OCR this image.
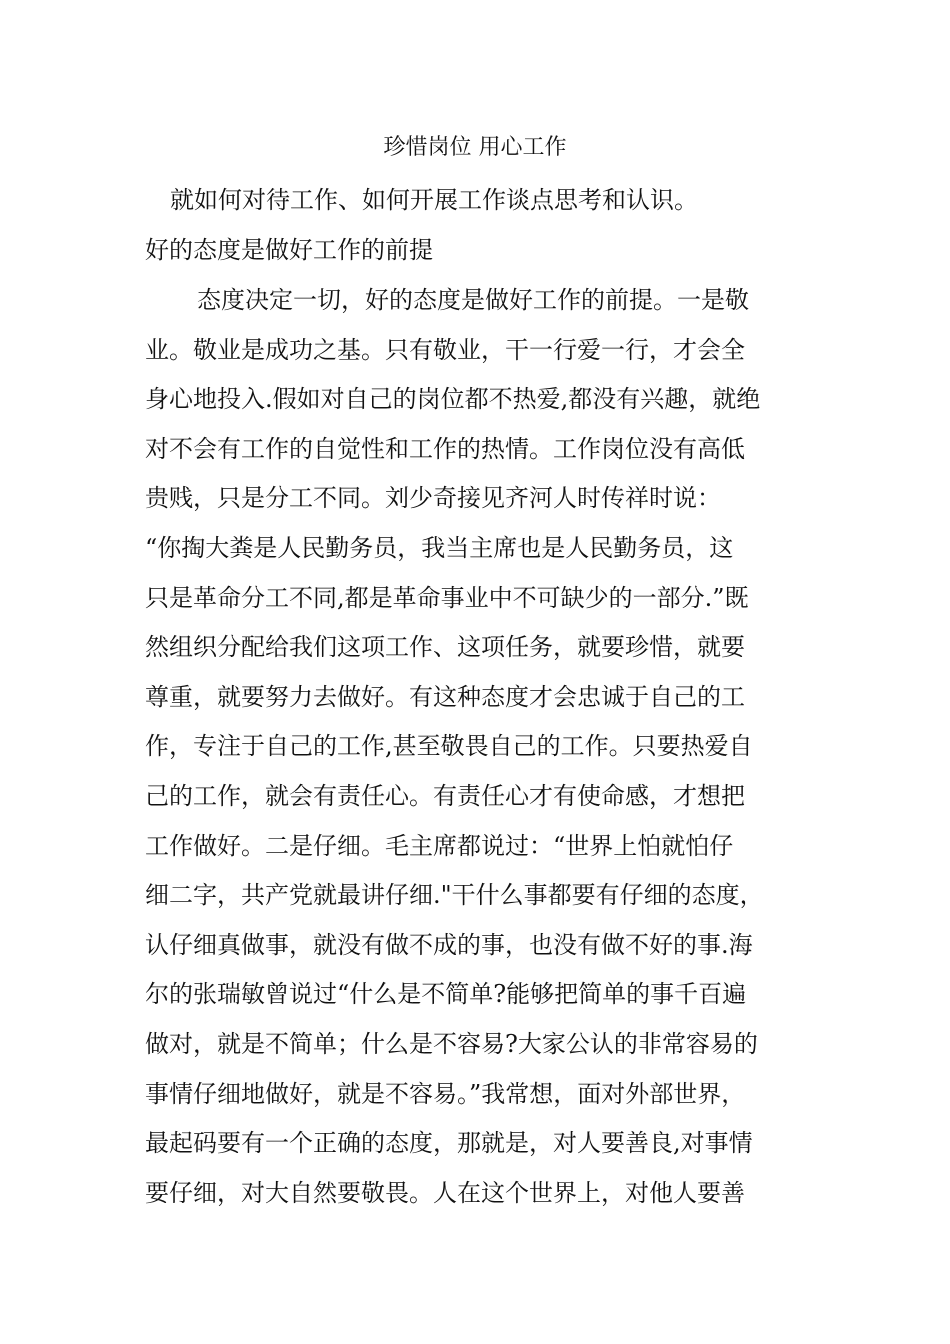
珍惜岗位 用心工作
就如何对待工作、如何开展工作谈点思考和认识。
好的态度是做好工作的前提
态度决定一切，好的态度是做好工作的前提。一是敬
业。敬业是成功之基。只有敬业，干一行爱一行，才会全
身心地投入.假如对自己的岗位都不热爱,都没有兴趣，就绝
对不会有工作的自觉性和工作的热情。工作岗位没有高低
贵贱，只是分工不同。刘少奇接见齐河人时传祥时说：
“你掏大粪是人民勤务员，我当主席也是人民勤务员，这
只是革命分工不同,都是革命事业中不可缺少的一部分.”既
然组织分配给我们这项工作、这项任务，就要珍惜，就要
尊重，就要努力去做好。有这种态度才会忠诚于自己的工
作，专注于自己的工作,甚至敬畏自己的工作。只要热爱自
己的工作，就会有责任心。有责任心才有使命感，才想把
工作做好。二是仔细。毛主席都说过：“世界上怕就怕仔
细二字，共产党就最讲仔细."干什么事都要有仔细的态度，
认仔细真做事，就没有做不成的事，也没有做不好的事.海
尔的张瑞敏曾说过“什么是不简单?能够把简单的事千百遍
做对，就是不简单；什么是不容易?大家公认的非常容易的
事情仔细地做好，就是不容易。”我常想，面对外部世界，
最起码要有一个正确的态度，那就是，对人要善良,对事情
要仔细，对大自然要敬畏。人在这个世界上，对他人要善
